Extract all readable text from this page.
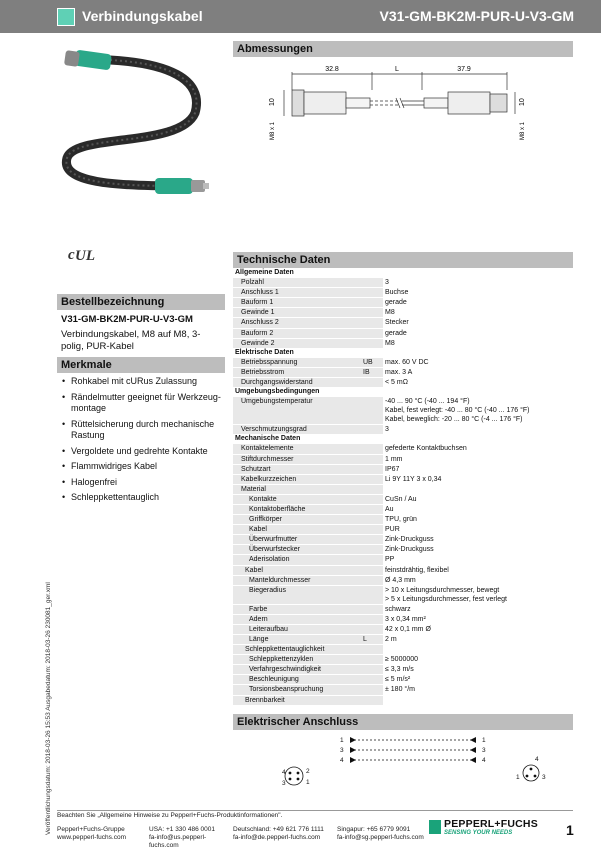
Verbindungskabel	V31-GM-BK2M-PUR-U-V3-GM
c UL
Bestellbezeichnung
V31-GM-BK2M-PUR-U-V3-GM
Verbindungskabel, M8 auf M8, 3-polig, PUR-Kabel
Merkmale
• Rohkabel mit cURus Zulassung
• Rändelmutter geeignet für Werkzeug-montage
• Rüttelsicherung durch mechanische Rastung
• Vergoldete und gedrehte Kontakte
• Flammwidriges Kabel
• Halogenfrei
• Schleppkettentauglich
Abmessungen
32.8	L	37.9
10	10
M8 x 1	M8 x 1
Technische Daten
Allgemeine Daten		
Polzahl		3

Anschluss 1		Buchse

Bauform 1		gerade

Gewinde 1		M8

Anschluss 2		Stecker

Bauform 2		gerade

Gewinde 2		M8

Elektrische Daten		
Betriebsspannung	UB	max. 60 V DC

Betriebsstrom	IB	max. 3 A

Durchgangswiderstand		< 5 mΩ

Umgebungsbedingungen		
Umgebungstemperatur		-40 ... 90 °C (-40 ... 194 °F)
Kabel, fest verlegt: -40 ... 80 °C (-40 ... 176 °F)
Kabel, beweglich: -20 ... 80 °C (-4 ... 176 °F)

Verschmutzungsgrad		3

Mechanische Daten		
Kontaktelemente		gefederte Kontaktbuchsen

Stiftdurchmesser		1 mm

Schutzart		IP67

Kabelkurzzeichen		Li 9Y 11Y 3 x 0,34

Material		

Kontakte		CuSn / Au

Kontaktoberfläche		Au

Griffkörper		TPU, grün

Kabel		PUR

Überwurfmutter		Zink-Druckguss

Überwurfstecker		Zink-Druckguss

Aderisolation		PP

Kabel		feinstdrähtig, flexibel

Manteldurchmesser		Ø 4,3 mm

Biegeradius		> 10 x Leitungsdurchmesser, bewegt
> 5 x Leitungsdurchmesser, fest verlegt

Farbe		schwarz

Adern		3 x 0,34 mm²

Leiteraufbau		42 x 0,1 mm Ø

Länge	L	2 m

Schleppkettentauglichkeit		

Schleppkettenzyklen		≥ 5000000

Verfahrgeschwindigkeit		≤ 3,3 m/s

Beschleunigung		≤ 5 m/s²

Torsionsbeanspruchung		± 180 °/m

Brennbarkeit		
Elektrischer Anschluss
1
3
4
1
3
4
4	2
3	1
4
1	3
Veröffentlichungsdatum: 2018-03-26 15:53 Ausgabedatum: 2018-03-26 230081_ger.xml Beachten Sie „Allgemeine Hinweise zu Pepperl+Fuchs-Produktinformationen".
Pepperl+Fuchs-Gruppe
www.pepperl-fuchs.com
USA: +1 330 486 0001
fa-info@us.pepperl-fuchs.com
Deutschland: +49 621 776 1111
fa-info@de.pepperl-fuchs.com
Singapur: +65 6779 9091
fa-info@sg.pepperl-fuchs.com
PEPPERL+FUCHS
SENSING YOUR NEEDS	1
